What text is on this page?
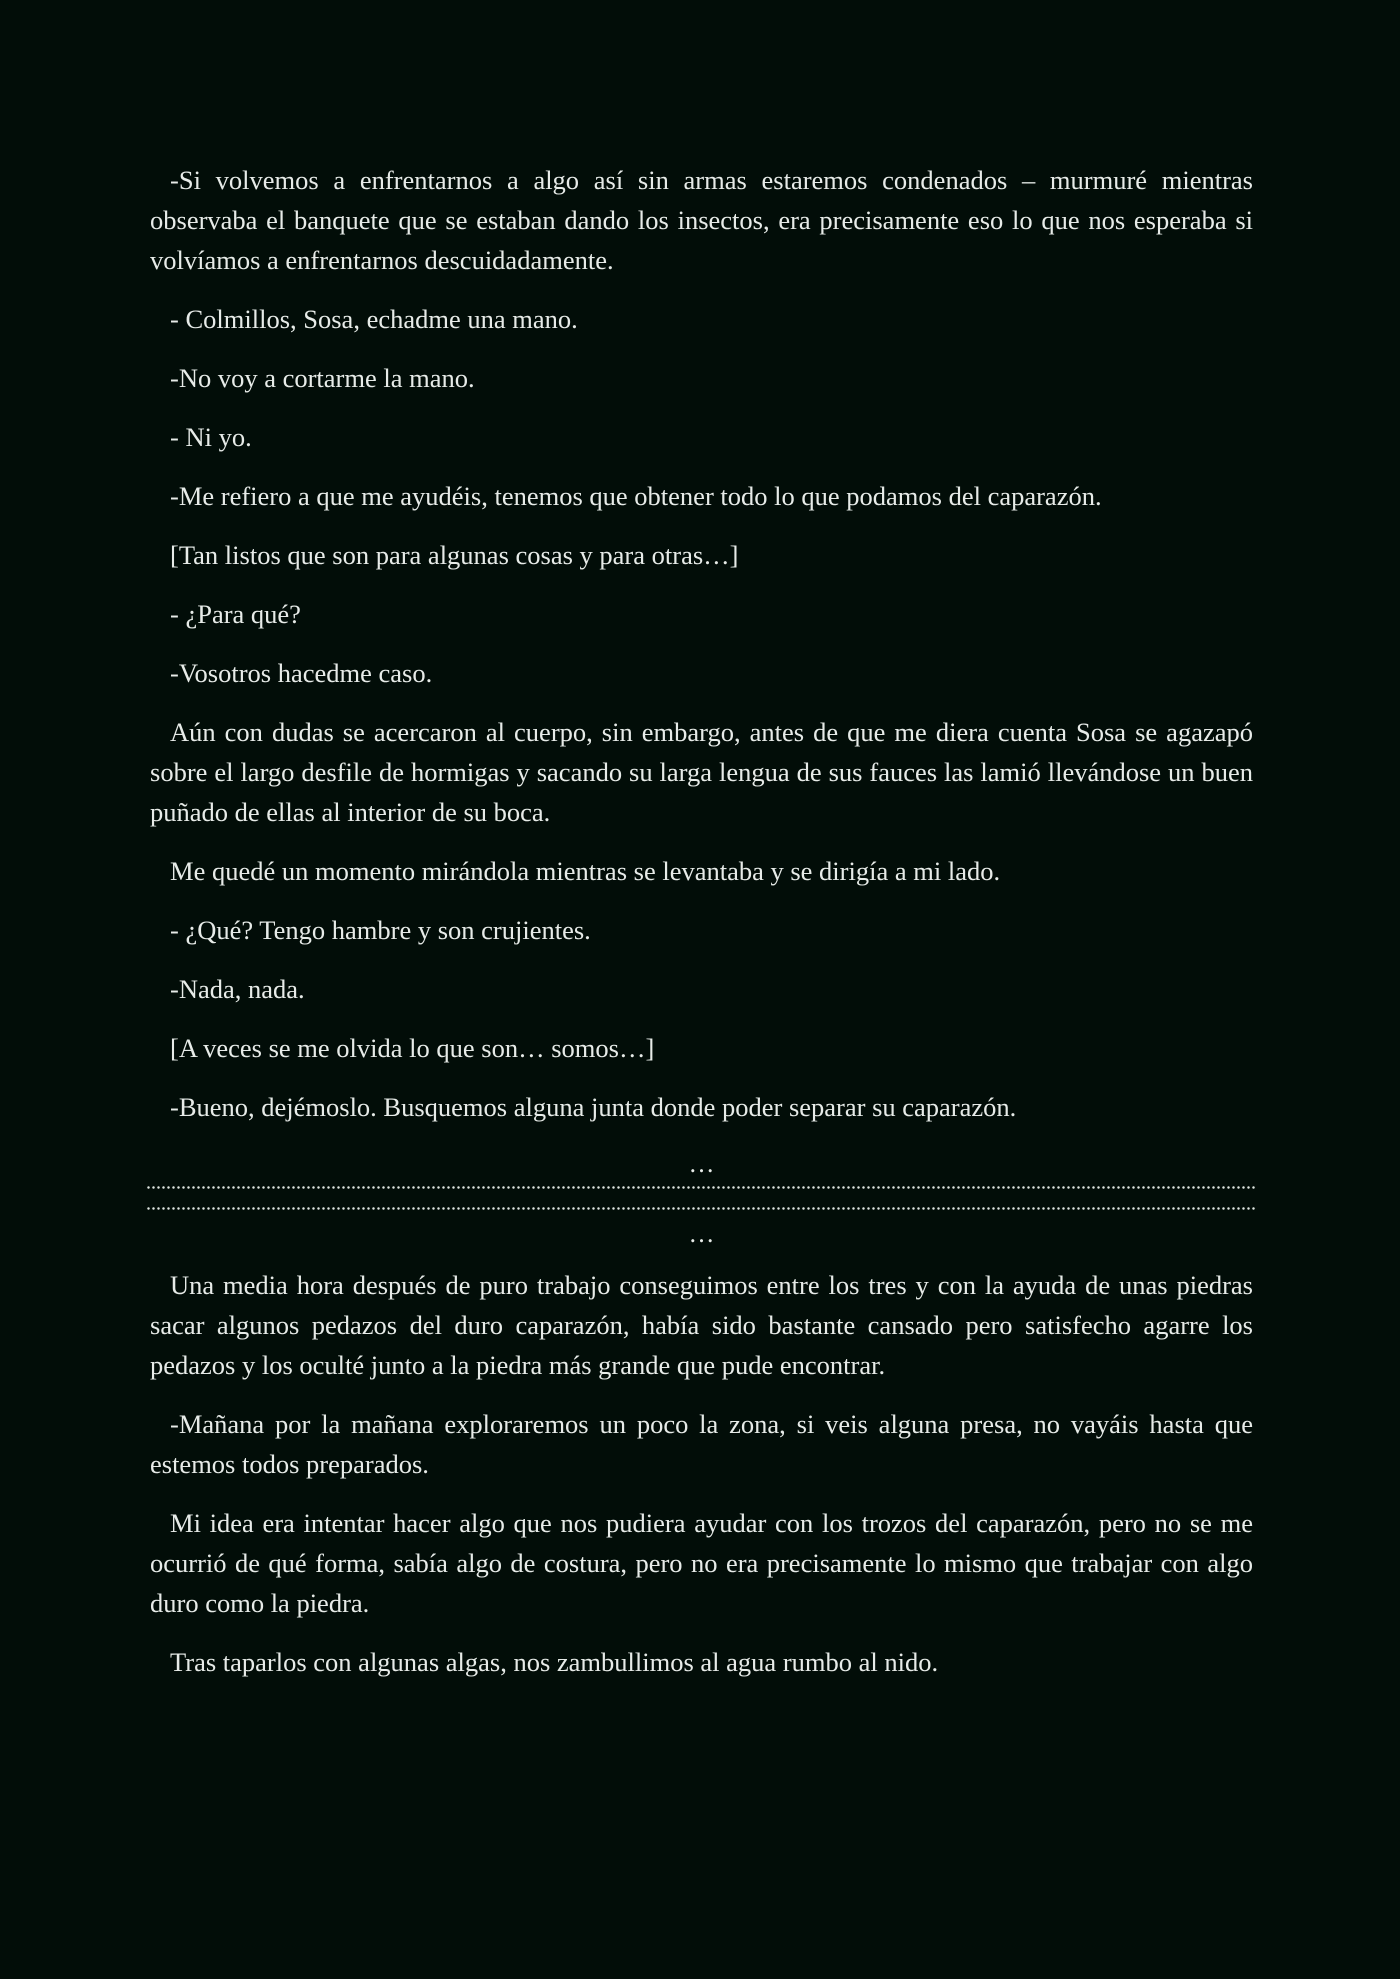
-Si volvemos a enfrentarnos a algo así sin armas estaremos condenados – murmuré mientras observaba el banquete que se estaban dando los insectos, era precisamente eso lo que nos esperaba si volvíamos a enfrentarnos descuidadamente.

- Colmillos, Sosa, echadme una mano.

-No voy a cortarme la mano.

- Ni yo.

-Me refiero a que me ayudéis, tenemos que obtener todo lo que podamos del caparazón.

[Tan listos que son para algunas cosas y para otras…]

- ¿Para qué?

-Vosotros hacedme caso.

Aún con dudas se acercaron al cuerpo, sin embargo, antes de que me diera cuenta Sosa se agazapó sobre el largo desfile de hormigas y sacando su larga lengua de sus fauces las lamió llevándose un buen puñado de ellas al interior de su boca.

Me quedé un momento mirándola mientras se levantaba y se dirigía a mi lado.

- ¿Qué? Tengo hambre y son crujientes.

-Nada, nada.

[A veces se me olvida lo que son… somos…]

-Bueno, dejémoslo. Busquemos alguna junta donde poder separar su caparazón.

…
…

Una media hora después de puro trabajo conseguimos entre los tres y con la ayuda de unas piedras sacar algunos pedazos del duro caparazón, había sido bastante cansado pero satisfecho agarre los pedazos y los oculté junto a la piedra más grande que pude encontrar.

-Mañana por la mañana exploraremos un poco la zona, si veis alguna presa, no vayáis hasta que estemos todos preparados.

Mi idea era intentar hacer algo que nos pudiera ayudar con los trozos del caparazón, pero no se me ocurrió de qué forma, sabía algo de costura, pero no era precisamente lo mismo que trabajar con algo duro como la piedra.

Tras taparlos con algunas algas, nos zambullimos al agua rumbo al nido.
